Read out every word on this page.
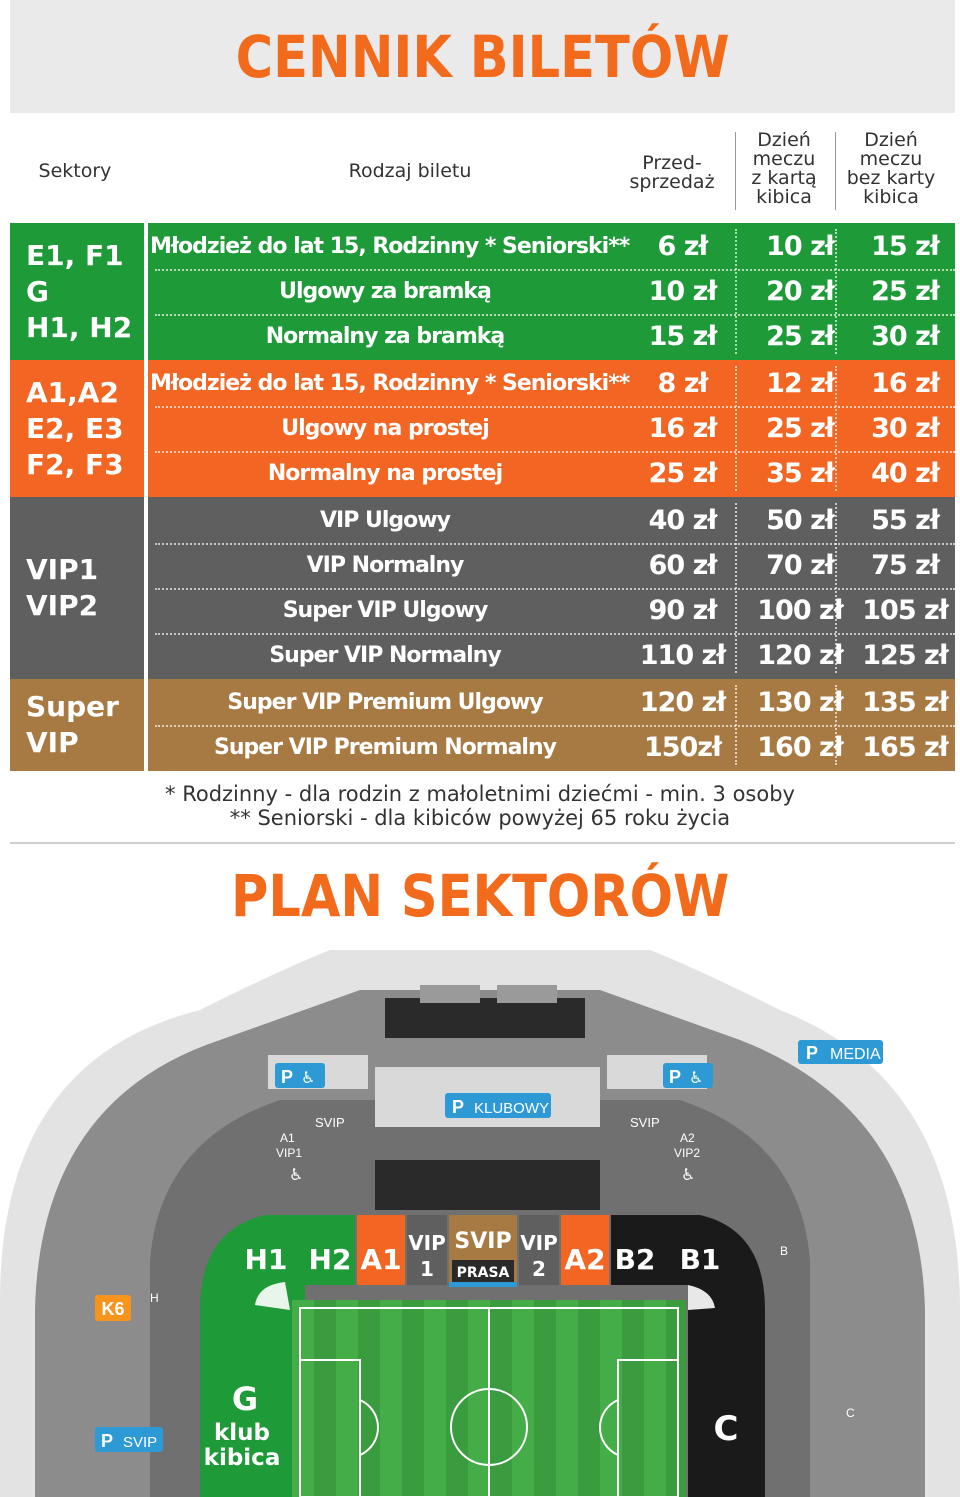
CENNIK BILETÓW
Sektory	Rodzaj biletu	Przed-
sprzedaż
Dzień
meczu
z kartą
kibica
Dzień
meczu
bez karty
kibica
E1, F1
G
H1, H2
Młodzież do lat 15, Rodzinny * Seniorski**	6 zł	10 zł	15 zł
Ulgowy za bramką	10 zł	20 zł	25 zł
Normalny za bramką	15 zł	25 zł	30 zł
A1,A2
E2, E3
F2, F3
Młodzież do lat 15, Rodzinny * Seniorski**	8 zł	12 zł	16 zł
Ulgowy na prostej	16 zł	25 zł	30 zł
Normalny na prostej	25 zł	35 zł	40 zł
VIP1
VIP2
VIP Ulgowy	40 zł	50 zł	55 zł
VIP Normalny	60 zł	70 zł	75 zł
Super VIP Ulgowy	90 zł	100 zł 105 zł
Super VIP Normalny	110 zł	120 zł 125 zł
Super
VIP
Super VIP Premium Ulgowy	120 zł	130 zł 135 zł
Super VIP Premium Normalny	150zł	160 zł 165 zł
* Rodzinny - dla rodzin z małoletnimi dziećmi - min. 3 osoby
** Seniorski - dla kibiców powyżej 65 roku życia
PLAN SEKTORÓW
K6
H
B
C
SVIP	SVIP
A1
VIP1
A2
VIP2
♿	♿
P MEDIA
P ♿	P ♿
P KLUBOWY
P SVIP
H1 H2 A1 VIP
1
SVIP
PRASA
VIP
2 A2 B2 B1
G
klub
kibica
C
